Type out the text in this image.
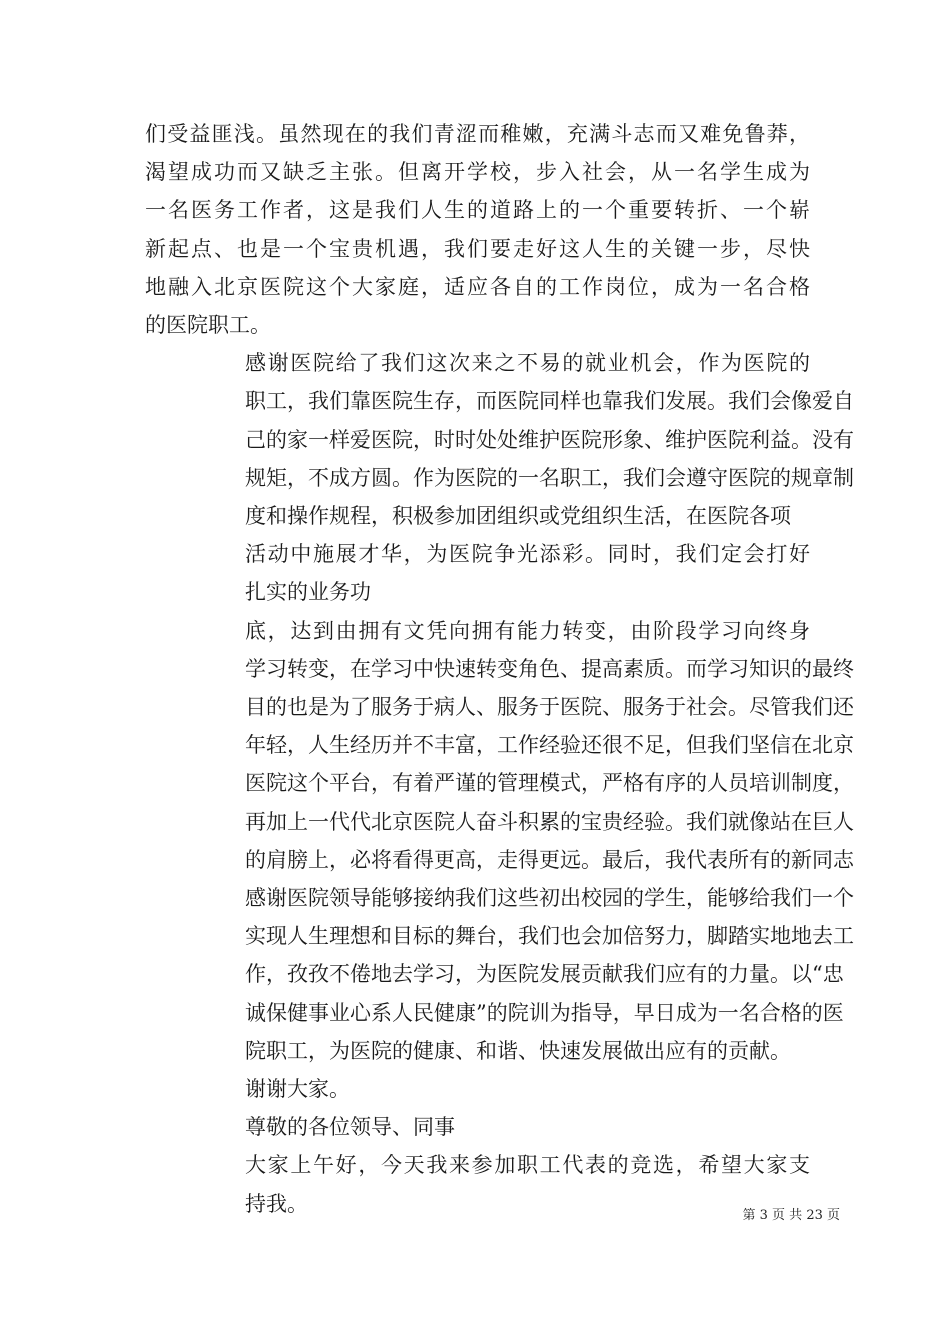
们受益匪浅。虽然现在的我们青涩而稚嫩，充满斗志而又难免鲁莽，
渴望成功而又缺乏主张。但离开学校，步入社会，从一名学生成为
一名医务工作者，这是我们人生的道路上的一个重要转折、一个崭
新起点、也是一个宝贵机遇，我们要走好这人生的关键一步，尽快
地融入北京医院这个大家庭，适应各自的工作岗位，成为一名合格
的医院职工。

感谢医院给了我们这次来之不易的就业机会，作为医院的
职工，我们靠医院生存，而医院同样也靠我们发展。我们会像爱自
己的家一样爱医院，时时处处维护医院形象、维护医院利益。没有
规矩，不成方圆。作为医院的一名职工，我们会遵守医院的规章制
度和操作规程，积极参加团组织或党组织生活，在医院各项

活动中施展才华，为医院争光添彩。同时，我们定会打好
扎实的业务功

底，达到由拥有文凭向拥有能力转变，由阶段学习向终身
学习转变，在学习中快速转变角色、提高素质。而学习知识的最终
目的也是为了服务于病人、服务于医院、服务于社会。尽管我们还
年轻，人生经历并不丰富，工作经验还很不足，但我们坚信在北京
医院这个平台，有着严谨的管理模式，严格有序的人员培训制度，
再加上一代代北京医院人奋斗积累的宝贵经验。我们就像站在巨人
的肩膀上，必将看得更高，走得更远。最后，我代表所有的新同志
感谢医院领导能够接纳我们这些初出校园的学生，能够给我们一个
实现人生理想和目标的舞台，我们也会加倍努力，脚踏实地地去工
作，孜孜不倦地去学习，为医院发展贡献我们应有的力量。以“忠
诚保健事业心系人民健康”的院训为指导，早日成为一名合格的医
院职工，为医院的健康、和谐、快速发展做出应有的贡献。

谢谢大家。

尊敬的各位领导、同事

大家上午好，今天我来参加职工代表的竞选，希望大家支
持我。	第 3 页 共 23 页
